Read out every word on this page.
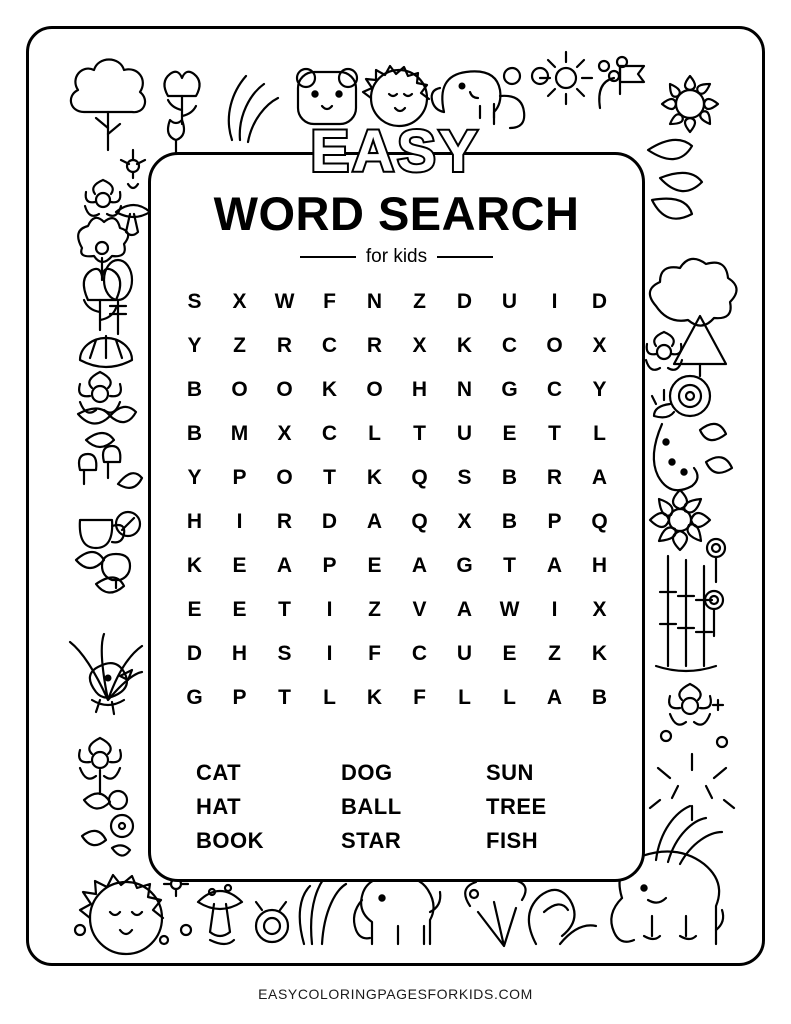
EASY
WORD SEARCH
for kids
S	X	W	F	N	Z	D	U	I	D
Y	Z	R	C	R	X	K	C	O	X
B	O	O	K	O	H	N	G	C	Y
B	M	X	C	L	T	U	E	T	L
Y	P	O	T	K	Q	S	B	R	A
H	I	R	D	A	Q	X	B	P	Q
K	E	A	P	E	A	G	T	A	H
E	E	T	I	Z	V	A	W	I	X
D	H	S	I	F	C	U	E	Z	K
G	P	T	L	K	F	L	L	A	B
CAT	DOG	SUN
HAT	BALL	TREE
BOOK	STAR	FISH
EASYCOLORINGPAGESFORKIDS.COM
